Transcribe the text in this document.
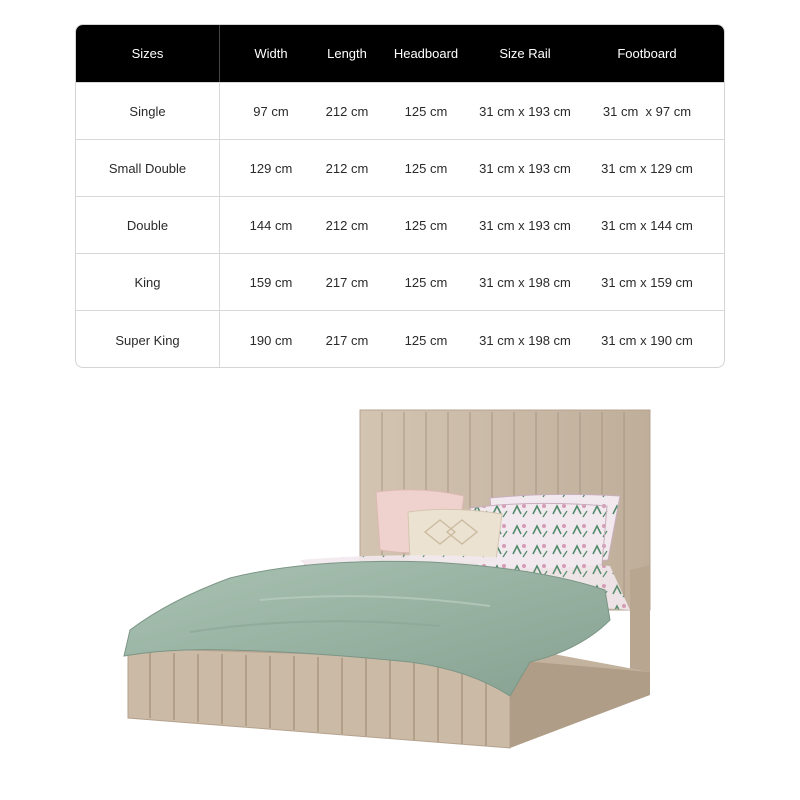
Sizes	Width	Length	Headboard	Size Rail	Footboard
Single	97 cm	212 cm	125 cm	31 cm x 193 cm	31 cm  x 97 cm
Small Double	129 cm	212 cm	125 cm	31 cm x 193 cm	31 cm x 129 cm
Double	144 cm	212 cm	125 cm	31 cm x 193 cm	31 cm x 144 cm
King	159 cm	217 cm	125 cm	31 cm x 198 cm	31 cm x 159 cm
Super King	190 cm	217 cm	125 cm	31 cm x 198 cm	31 cm x 190 cm
